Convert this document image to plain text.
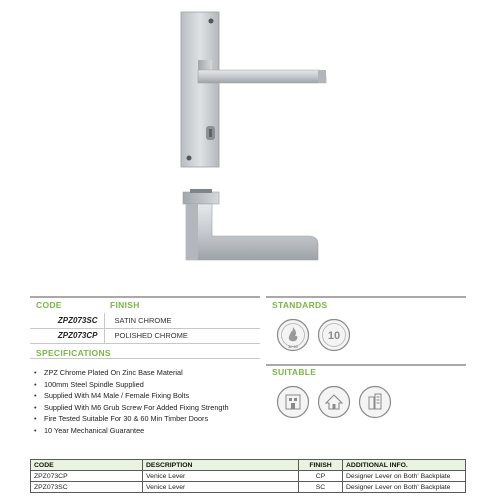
CODE	FINISH
ZPZ073SC	SATIN CHROME
ZPZ073CP	POLISHED CHROME
SPECIFICATIONS
• ZPZ Chrome Plated On Zinc Base Material
• 100mm Steel Spindle Supplied
• Supplied With M4 Male / Female Fixing Bolts
• Supplied With M6 Grub Screw For Added Fixing Strength
• Fire Tested Suitable For 30 & 60 Min Timber Doors
• 10 Year Mechanical Guarantee
STANDARDS
30 60
10
SUITABLE
CODE	DESCRIPTION	FINISH	ADDITIONAL INFO.
ZPZ073CP	Venice Lever	CP	Designer Lever on Both' Backplate
ZPZ073SC	Venice Lever	SC	Designer Lever on Both' Backplate
